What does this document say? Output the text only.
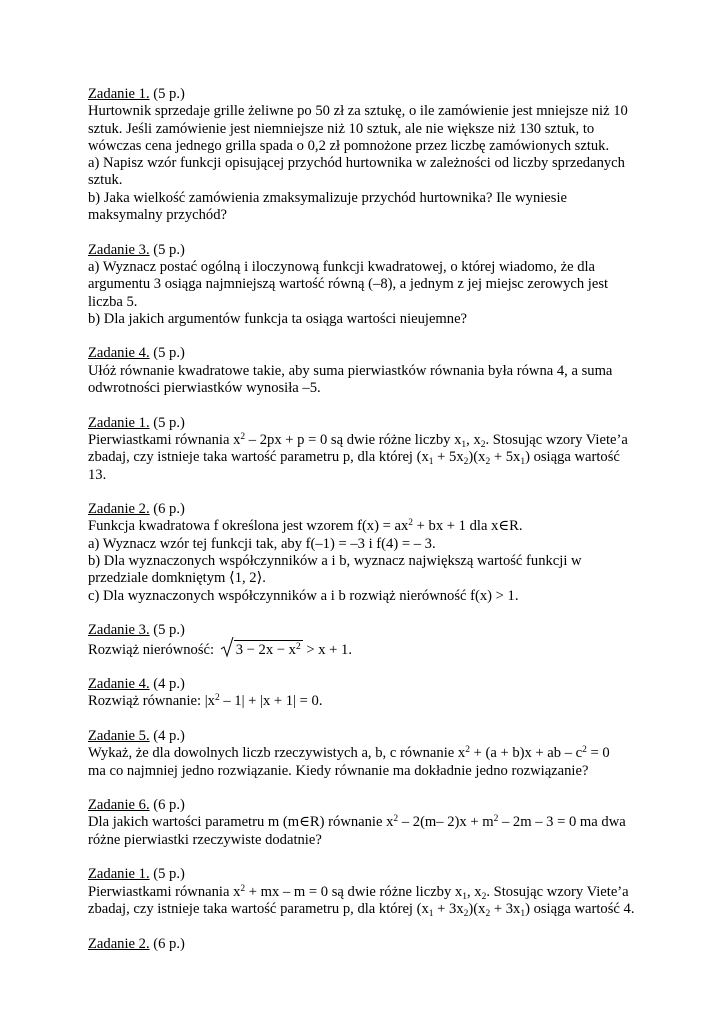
Zadanie 1. (5 p.)

Hurtownik sprzedaje grille żeliwne po 50 zł za sztukę, o ile zamówienie jest mniejsze niż 10

sztuk. Jeśli zamówienie jest niemniejsze niż 10 sztuk, ale nie większe niż 130 sztuk, to

wówczas cena jednego grilla spada o 0,2 zł pomnożone przez liczbę zamówionych sztuk.

a) Napisz wzór funkcji opisującej przychód hurtownika w zależności od liczby sprzedanych

sztuk.

b) Jaka wielkość zamówienia zmaksymalizuje przychód hurtownika? Ile wyniesie

maksymalny przychód?

Zadanie 3. (5 p.)

a) Wyznacz postać ogólną i iloczynową funkcji kwadratowej, o której wiadomo, że dla

argumentu 3 osiąga najmniejszą wartość równą (–8), a jednym z jej miejsc zerowych jest

liczba 5.

b) Dla jakich argumentów funkcja ta osiąga wartości nieujemne?

Zadanie 4. (5 p.)

Ułóż równanie kwadratowe takie, aby suma pierwiastków równania była równa 4, a suma

odwrotności pierwiastków wynosiła –5.

Zadanie 1. (5 p.)

Pierwiastkami równania $x^2 - 2px + p = 0$ są dwie różne liczby $x_1$, $x_2$. Stosując wzory Viete’a

zbadaj, czy istnieje taka wartość parametru p, dla której $(x_1 + 5x_2)(x_2 + 5x_1)$ osiąga wartość

13.

Zadanie 2. (6 p.)

Funkcja kwadratowa f określona jest wzorem $f(x) = ax^2$ + bx + 1 dla x∈R.

a) Wyznacz wzór tej funkcji tak, aby f(–1) = –3 i f(4) = – 3.

b) Dla wyznaczonych współczynników a i b, wyznacz największą wartość funkcji w

przedziale domkniętym ⟨1, 2⟩.

c) Dla wyznaczonych współczynników a i b rozwiąż nierówność f(x) > 1.

Zadanie 3. (5 p.)

Rozwiąż nierówność: $3 - 2x - x^2 > x + 1$.

Zadanie 4. (4 p.)

Rozwiąż równanie: $|x^2 - 1| + |x + 1| = 0$.

Zadanie 5. (4 p.)

Wykaż, że dla dowolnych liczb rzeczywistych a, b, c równanie $x^2 + (a + b)x$ + ab – $c^2 = 0$

ma co najmniej jedno rozwiązanie. Kiedy równanie ma dokładnie jedno rozwiązanie?

Zadanie 6. (6 p.)

Dla jakich wartości parametru m (m∈R) równanie $x^2 - 2(m-$ $2)x + m^2 - 2m - 3 = 0$ ma dwa

różne pierwiastki rzeczywiste dodatnie?

Zadanie 1. (5 p.)

Pierwiastkami równania $x^2$ + mx – m = 0 są dwie różne liczby $x_1$, $x_2$. Stosując wzory Viete’a

zbadaj, czy istnieje taka wartość parametru p, dla której $(x_1 + 3x_2)(x_2 + 3x_1)$ osiąga wartość 4.

Zadanie 2. (6 p.)
